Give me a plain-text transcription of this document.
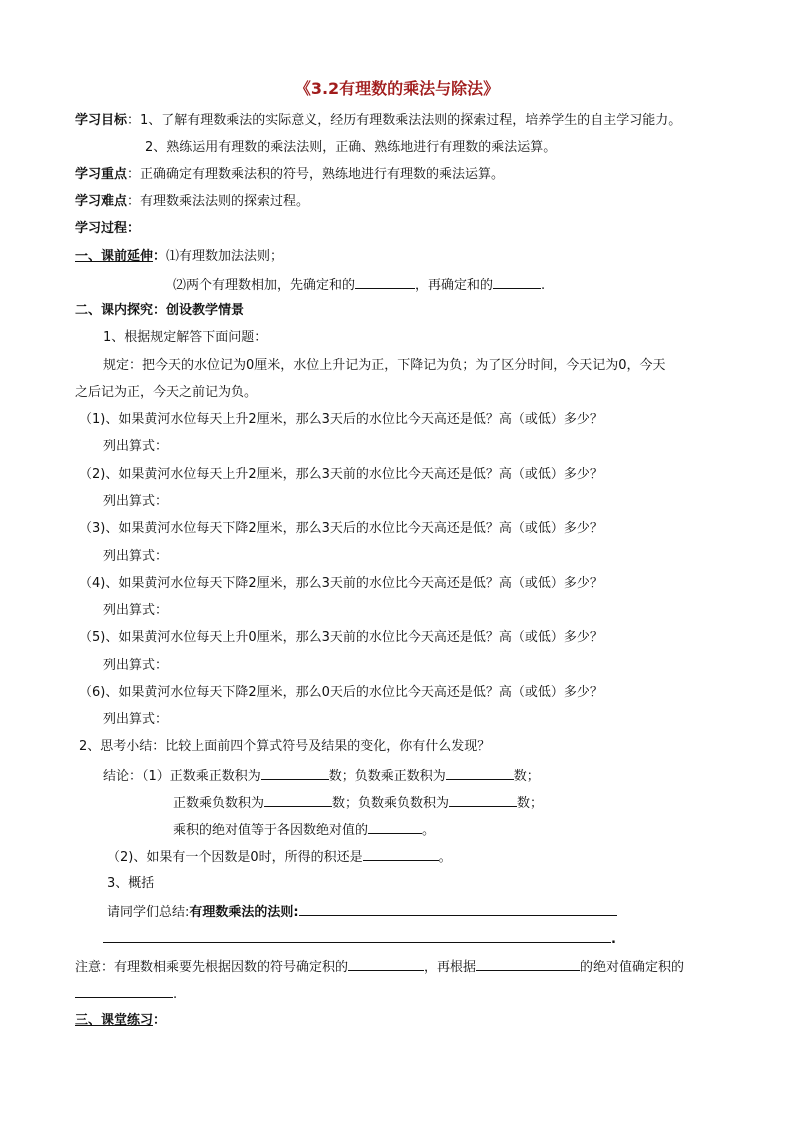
《3.2有理数的乘法与除法》
学习目标：1、了解有理数乘法的实际意义，经历有理数乘法法则的探索过程，培养学生的自主学习能力。
2、熟练运用有理数的乘法法则，正确、熟练地进行有理数的乘法运算。
学习重点：正确确定有理数乘法积的符号，熟练地进行有理数的乘法运算。
学习难点：有理数乘法法则的探索过程。
学习过程：
一、课前延伸：⑴有理数加法法则；
⑵两个有理数相加，先确定和的	，再确定和的	.
二、课内探究：创设教学情景
1、根据规定解答下面问题：
规定：把今天的水位记为0厘米，水位上升记为正，下降记为负；为了区分时间，今天记为0，今天
之后记为正，今天之前记为负。
（1)、如果黄河水位每天上升2厘米，那么3天后的水位比今天高还是低？高（或低）多少？
列出算式：
（2)、如果黄河水位每天上升2厘米，那么3天前的水位比今天高还是低？高（或低）多少？
列出算式：
（3)、如果黄河水位每天下降2厘米，那么3天后的水位比今天高还是低？高（或低）多少？
列出算式：
（4)、如果黄河水位每天下降2厘米，那么3天前的水位比今天高还是低？高（或低）多少？
列出算式：
（5)、如果黄河水位每天上升0厘米，那么3天前的水位比今天高还是低？高（或低）多少？
列出算式：
（6)、如果黄河水位每天下降2厘米，那么0天后的水位比今天高还是低？高（或低）多少？
列出算式：
2、思考小结：比较上面前四个算式符号及结果的变化，你有什么发现？
结论：（1）正数乘正数积为	数；负数乘正数积为	数；
正数乘负数积为	数；负数乘负数积为	数；
乘积的绝对值等于各因数绝对值的	。
（2)、如果有一个因数是0时，所得的积还是	。
3、概括
请同学们总结:有理数乘法的法则:
.
注意：有理数相乘要先根据因数的符号确定积的	，再根据	的绝对值确定积的
.
三、课堂练习：
